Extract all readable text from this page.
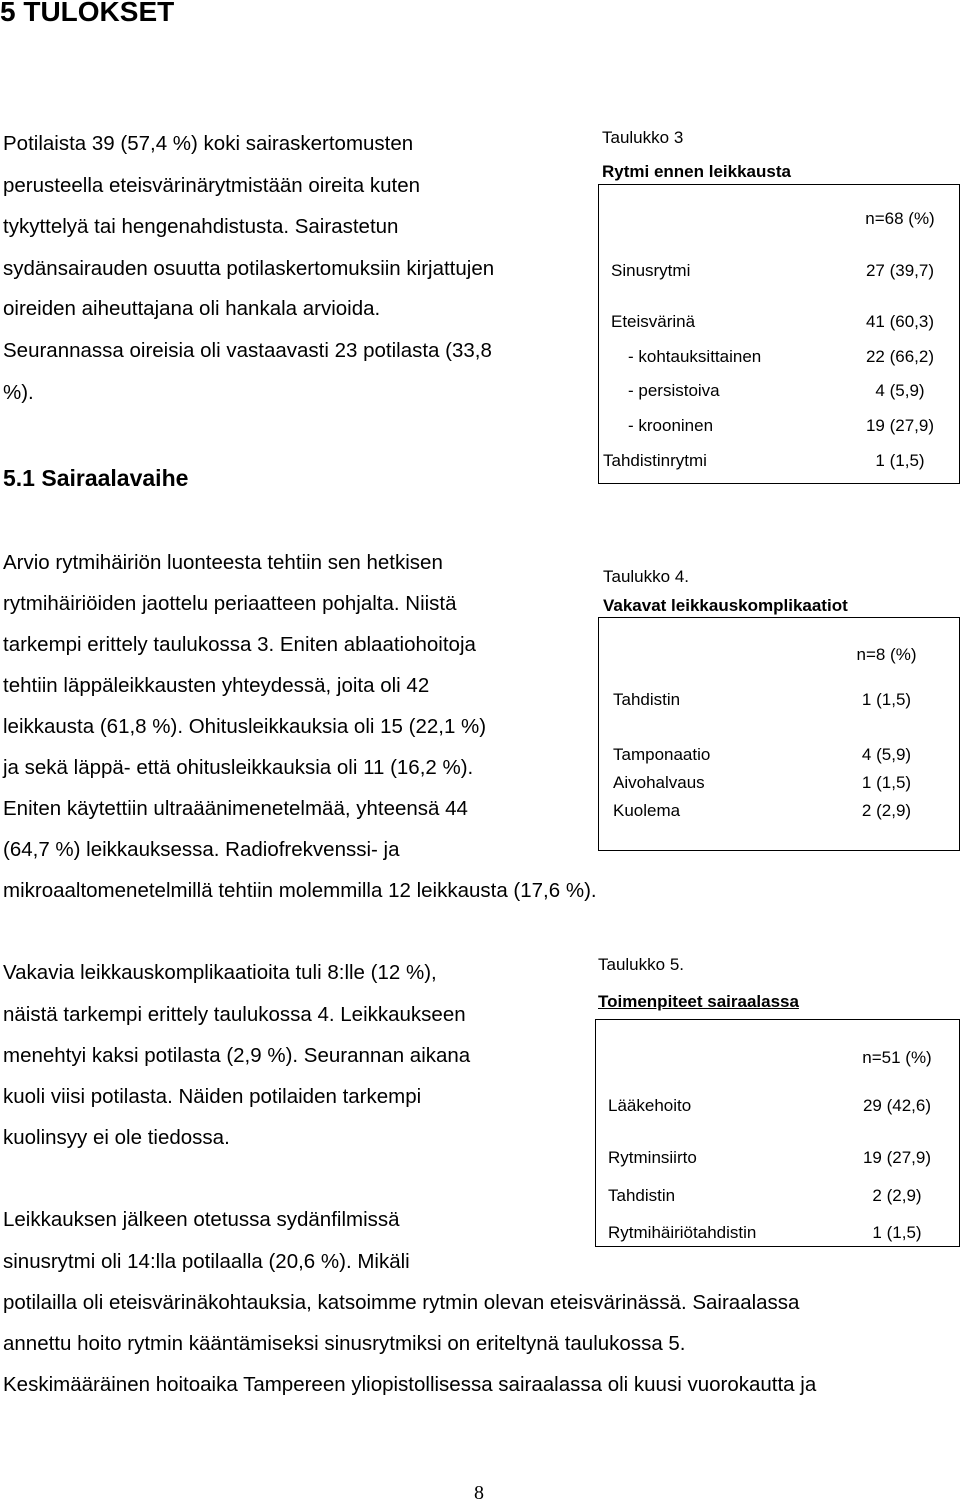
5 TULOKSET
Potilaista 39 (57,4 %) koki sairaskertomusten
perusteella eteisvärinärytmistään oireita kuten
tykyttelyä tai hengenahdistusta. Sairastetun
sydänsairauden osuutta potilaskertomuksiin kirjattujen
oireiden aiheuttajana oli hankala arvioida.
Seurannassa oireisia oli vastaavasti 23 potilasta (33,8
%).
5.1 Sairaalavaihe
Taulukko 3
Rytmi ennen leikkausta
n=68 (%)
Sinusrytmi	27 (39,7)
Eteisvärinä	41 (60,3)
- kohtauksittainen	22 (66,2)
- persistoiva	4 (5,9)
- krooninen	19 (27,9)
Tahdistinrytmi	1 (1,5)
Arvio rytmihäiriön luonteesta tehtiin sen hetkisen
rytmihäiriöiden jaottelu periaatteen pohjalta. Niistä
tarkempi erittely taulukossa 3. Eniten ablaatiohoitoja
tehtiin läppäleikkausten yhteydessä, joita oli 42
leikkausta (61,8 %). Ohitusleikkauksia oli 15 (22,1 %)
ja sekä läppä- että ohitusleikkauksia oli 11 (16,2 %).
Eniten käytettiin ultraäänimenetelmää, yhteensä 44
(64,7 %) leikkauksessa. Radiofrekvenssi- ja
mikroaaltomenetelmillä tehtiin molemmilla 12 leikkausta (17,6 %).
Taulukko 4.
Vakavat leikkauskomplikaatiot
n=8 (%)
Tahdistin	1 (1,5)
Tamponaatio	4 (5,9)
Aivohalvaus	1 (1,5)
Kuolema	2 (2,9)
Vakavia leikkauskomplikaatioita tuli 8:lle (12 %),
näistä tarkempi erittely taulukossa 4. Leikkaukseen
menehtyi kaksi potilasta (2,9 %). Seurannan aikana
kuoli viisi potilasta. Näiden potilaiden tarkempi
kuolinsyy ei ole tiedossa.
Taulukko 5.
Toimenpiteet sairaalassa
n=51 (%)
Lääkehoito	29 (42,6)
Rytminsiirto	19 (27,9)
Tahdistin	2 (2,9)
Rytmihäiriötahdistin	1 (1,5)
Leikkauksen jälkeen otetussa sydänfilmissä
sinusrytmi oli 14:lla potilaalla (20,6 %). Mikäli
potilailla oli eteisvärinäkohtauksia, katsoimme rytmin olevan eteisvärinässä. Sairaalassa
annettu hoito rytmin kääntämiseksi sinusrytmiksi on eriteltynä taulukossa 5.
Keskimääräinen hoitoaika Tampereen yliopistollisessa sairaalassa oli kuusi vuorokautta ja
8
